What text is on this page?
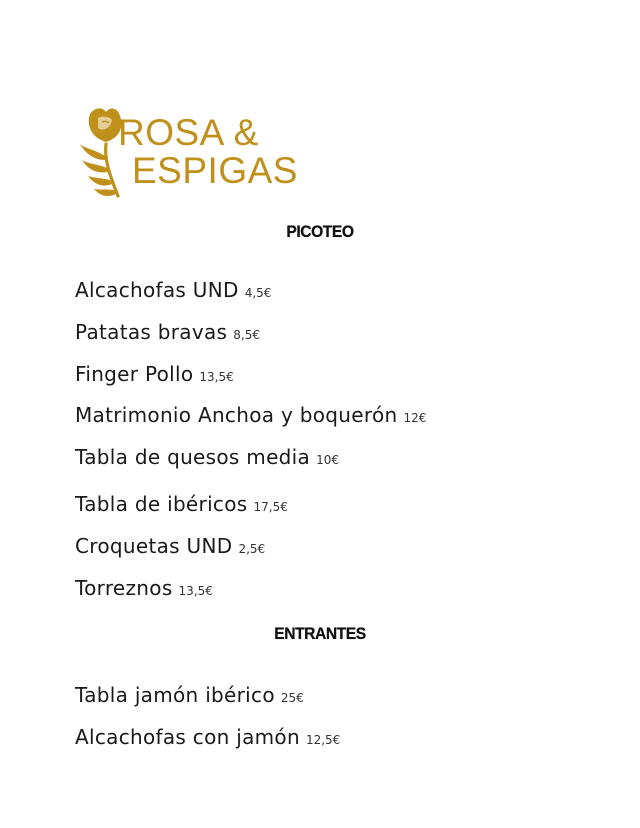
ROSA &
ESPIGAS
PICOTEO
Alcachofas UND 4,5€
Patatas bravas 8,5€
Finger Pollo 13,5€
Matrimonio Anchoa y boquerón 12€
Tabla de quesos media 10€
Tabla de ibéricos 17,5€
Croquetas UND 2,5€
Torreznos 13,5€
ENTRANTES
Tabla jamón ibérico 25€
Alcachofas con jamón 12,5€
